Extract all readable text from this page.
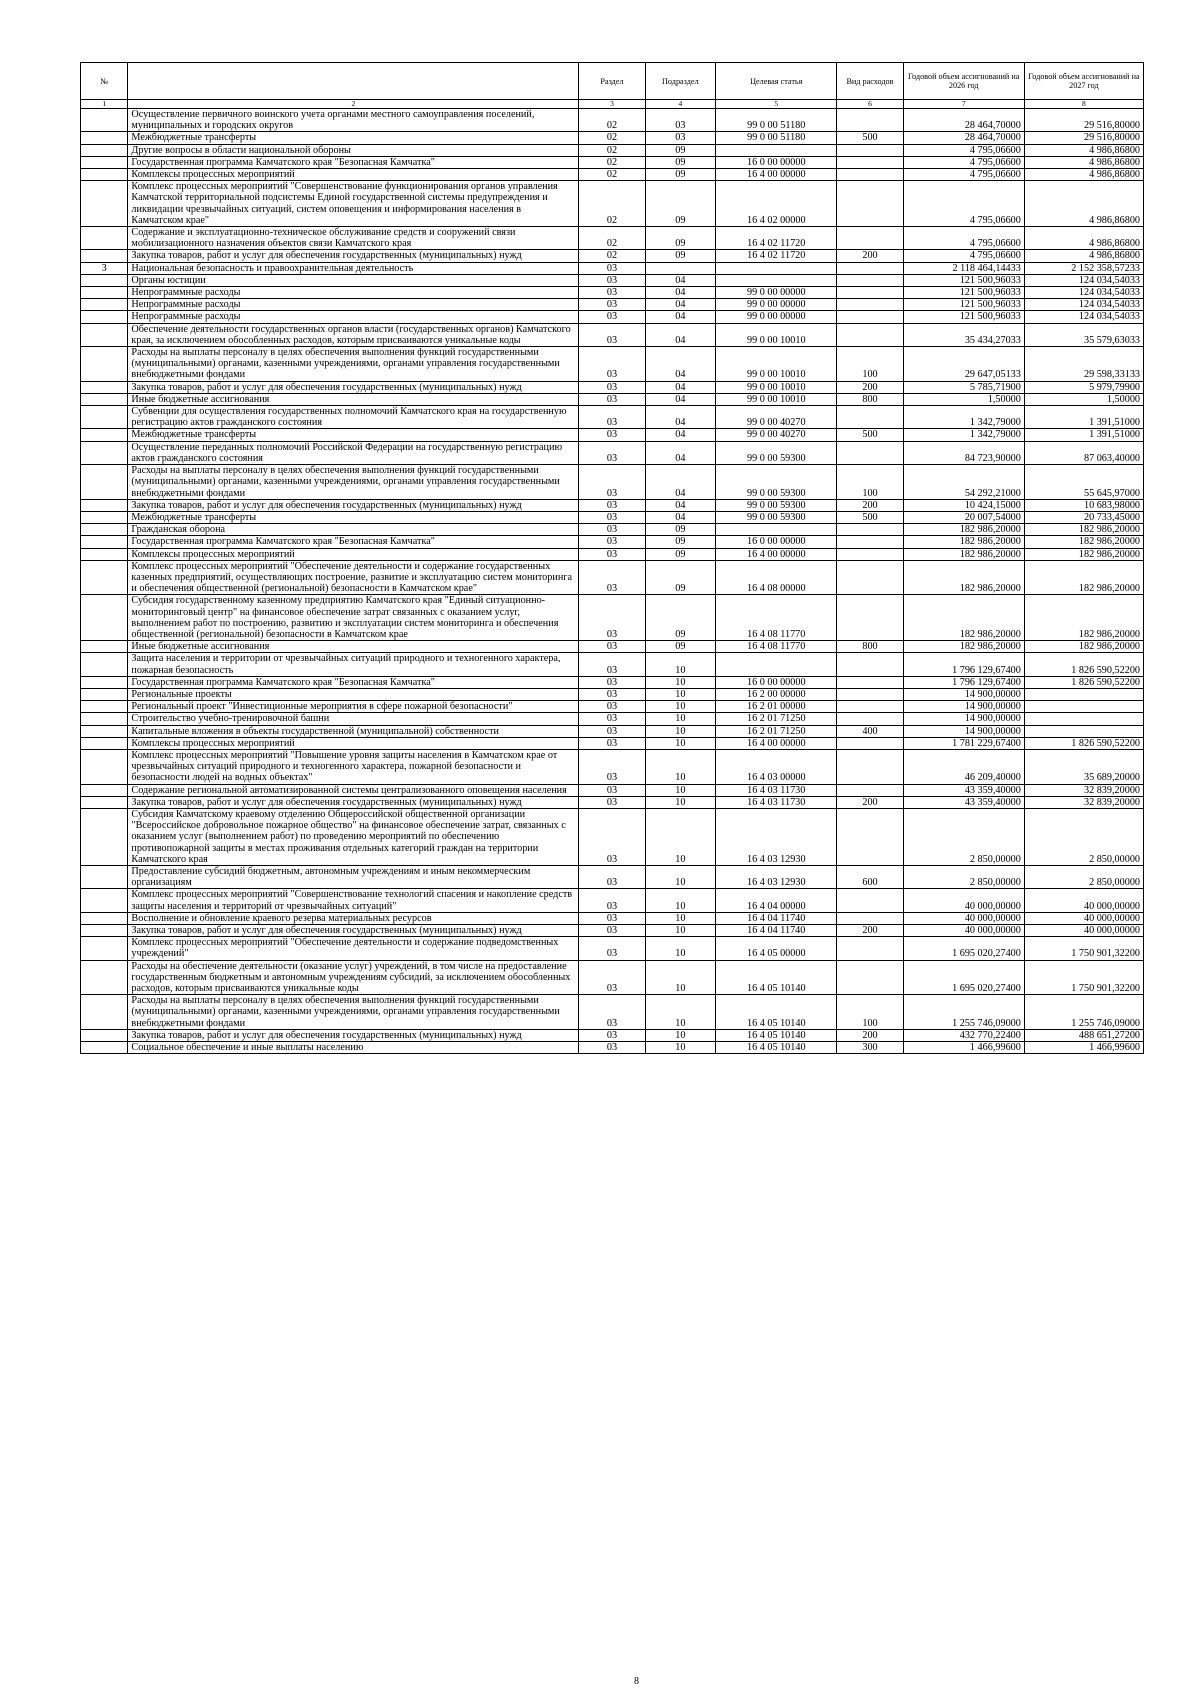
№		Раздел	Подраздел	Целевая статья	Вид расходов	Годовой объем ассигнований на 2026 год	Годовой объем ассигнований на 2027 год
1	2	3	4	5	6	7	8
	Осуществление первичного воинского учета органами местного самоуправления поселений, муниципальных и городских округов	02	03	99 0 00 51180		28 464,70000	29 516,80000
	Межбюджетные трансферты	02	03	99 0 00 51180	500	28 464,70000	29 516,80000
	Другие вопросы в области национальной обороны	02	09			4 795,06600	4 986,86800
	Государственная программа Камчатского края "Безопасная Камчатка"	02	09	16 0 00 00000		4 795,06600	4 986,86800
	Комплексы процессных мероприятий	02	09	16 4 00 00000		4 795,06600	4 986,86800
	Комплекс процессных мероприятий "Совершенствование функционирования органов управления Камчатской территориальной подсистемы Единой государственной системы предупреждения и ликвидации чрезвычайных ситуаций, систем оповещения и информирования населения в Камчатском крае"	02	09	16 4 02 00000		4 795,06600	4 986,86800
	Содержание и эксплуатационно-техническое обслуживание средств и сооружений связи мобилизационного назначения объектов связи Камчатского края	02	09	16 4 02 11720		4 795,06600	4 986,86800
	Закупка товаров, работ и услуг для обеспечения государственных (муниципальных) нужд	02	09	16 4 02 11720	200	4 795,06600	4 986,86800
3	Национальная безопасность и правоохранительная деятельность	03				2 118 464,14433	2 152 358,57233
	Органы юстиции	03	04			121 500,96033	124 034,54033
	Непрограммные расходы	03	04	99 0 00 00000		121 500,96033	124 034,54033
	Непрограммные расходы	03	04	99 0 00 00000		121 500,96033	124 034,54033
	Непрограммные расходы	03	04	99 0 00 00000		121 500,96033	124 034,54033
	Обеспечение деятельности государственных органов власти (государственных органов) Камчатского края, за исключением обособленных расходов, которым присваиваются уникальные коды	03	04	99 0 00 10010		35 434,27033	35 579,63033
	Расходы на выплаты персоналу в целях обеспечения выполнения функций государственными (муниципальными) органами, казенными учреждениями, органами управления государственными внебюджетными фондами	03	04	99 0 00 10010	100	29 647,05133	29 598,33133
	Закупка товаров, работ и услуг для обеспечения государственных (муниципальных) нужд	03	04	99 0 00 10010	200	5 785,71900	5 979,79900
	Иные бюджетные ассигнования	03	04	99 0 00 10010	800	1,50000	1,50000
	Субвенции для осуществления государственных полномочий Камчатского края на государственную регистрацию актов гражданского состояния	03	04	99 0 00 40270		1 342,79000	1 391,51000
	Межбюджетные трансферты	03	04	99 0 00 40270	500	1 342,79000	1 391,51000
	Осуществление переданных полномочий Российской Федерации на государственную регистрацию актов гражданского состояния	03	04	99 0 00 59300		84 723,90000	87 063,40000
	Расходы на выплаты персоналу в целях обеспечения выполнения функций государственными (муниципальными) органами, казенными учреждениями, органами управления государственными внебюджетными фондами	03	04	99 0 00 59300	100	54 292,21000	55 645,97000
	Закупка товаров, работ и услуг для обеспечения государственных (муниципальных) нужд	03	04	99 0 00 59300	200	10 424,15000	10 683,98000
	Межбюджетные трансферты	03	04	99 0 00 59300	500	20 007,54000	20 733,45000
	Гражданская оборона	03	09			182 986,20000	182 986,20000
	Государственная программа Камчатского края "Безопасная Камчатка"	03	09	16 0 00 00000		182 986,20000	182 986,20000
	Комплексы процессных мероприятий	03	09	16 4 00 00000		182 986,20000	182 986,20000
	Комплекс процессных мероприятий "Обеспечение деятельности и содержание государственных казенных предприятий, осуществляющих построение, развитие и эксплуатацию систем мониторинга и обеспечения общественной (региональной) безопасности в Камчатском крае"	03	09	16 4 08 00000		182 986,20000	182 986,20000
	Субсидия государственному казенному предприятию Камчатского края "Единый ситуационно-мониторинговый центр" на финансовое обеспечение затрат связанных с оказанием услуг, выполнением работ по построению, развитию и эксплуатации систем мониторинга и обеспечения общественной (региональной) безопасности в Камчатском крае	03	09	16 4 08 11770		182 986,20000	182 986,20000
	Иные бюджетные ассигнования	03	09	16 4 08 11770	800	182 986,20000	182 986,20000
	Защита населения и территории от чрезвычайных ситуаций природного и техногенного характера, пожарная безопасность	03	10			1 796 129,67400	1 826 590,52200
	Государственная программа Камчатского края "Безопасная Камчатка"	03	10	16 0 00 00000		1 796 129,67400	1 826 590,52200
	Региональные проекты	03	10	16 2 00 00000		14 900,00000	
	Региональный проект "Инвестиционные мероприятия в сфере пожарной безопасности"	03	10	16 2 01 00000		14 900,00000	
	Строительство учебно-тренировочной башни	03	10	16 2 01 71250		14 900,00000	
	Капитальные вложения в объекты государственной (муниципальной) собственности	03	10	16 2 01 71250	400	14 900,00000	
	Комплексы процессных мероприятий	03	10	16 4 00 00000		1 781 229,67400	1 826 590,52200
	Комплекс процессных мероприятий "Повышение уровня защиты населения в Камчатском крае от чрезвычайных ситуаций природного и техногенного характера, пожарной безопасности и безопасности людей на водных объектах"	03	10	16 4 03 00000		46 209,40000	35 689,20000
	Содержание региональной автоматизированной системы централизованного оповещения населения	03	10	16 4 03 11730		43 359,40000	32 839,20000
	Закупка товаров, работ и услуг для обеспечения государственных (муниципальных) нужд	03	10	16 4 03 11730	200	43 359,40000	32 839,20000
	Субсидия Камчатскому краевому отделению Общероссийской общественной организации "Всероссийское добровольное пожарное общество" на финансовое обеспечение затрат, связанных с оказанием услуг (выполнением работ) по проведению мероприятий по обеспечению противопожарной защиты в местах проживания отдельных категорий граждан на территории Камчатского края	03	10	16 4 03 12930		2 850,00000	2 850,00000
	Предоставление субсидий бюджетным, автономным учреждениям и иным некоммерческим организациям	03	10	16 4 03 12930	600	2 850,00000	2 850,00000
	Комплекс процессных мероприятий "Совершенствование технологий спасения и накопление средств защиты населения и территорий от чрезвычайных ситуаций"	03	10	16 4 04 00000		40 000,00000	40 000,00000
	Восполнение и обновление краевого резерва материальных ресурсов	03	10	16 4 04 11740		40 000,00000	40 000,00000
	Закупка товаров, работ и услуг для обеспечения государственных (муниципальных) нужд	03	10	16 4 04 11740	200	40 000,00000	40 000,00000
	Комплекс процессных мероприятий "Обеспечение деятельности и содержание подведомственных учреждений"	03	10	16 4 05 00000		1 695 020,27400	1 750 901,32200
	Расходы на обеспечение деятельности (оказание услуг) учреждений, в том числе на предоставление государственным бюджетным и автономным учреждениям субсидий, за исключением обособленных расходов, которым присваиваются уникальные коды	03	10	16 4 05 10140		1 695 020,27400	1 750 901,32200
	Расходы на выплаты персоналу в целях обеспечения выполнения функций государственными (муниципальными) органами, казенными учреждениями, органами управления государственными внебюджетными фондами	03	10	16 4 05 10140	100	1 255 746,09000	1 255 746,09000
	Закупка товаров, работ и услуг для обеспечения государственных (муниципальных) нужд	03	10	16 4 05 10140	200	432 770,22400	488 651,27200
	Социальное обеспечение и иные выплаты населению	03	10	16 4 05 10140	300	1 466,99600	1 466,99600
8
